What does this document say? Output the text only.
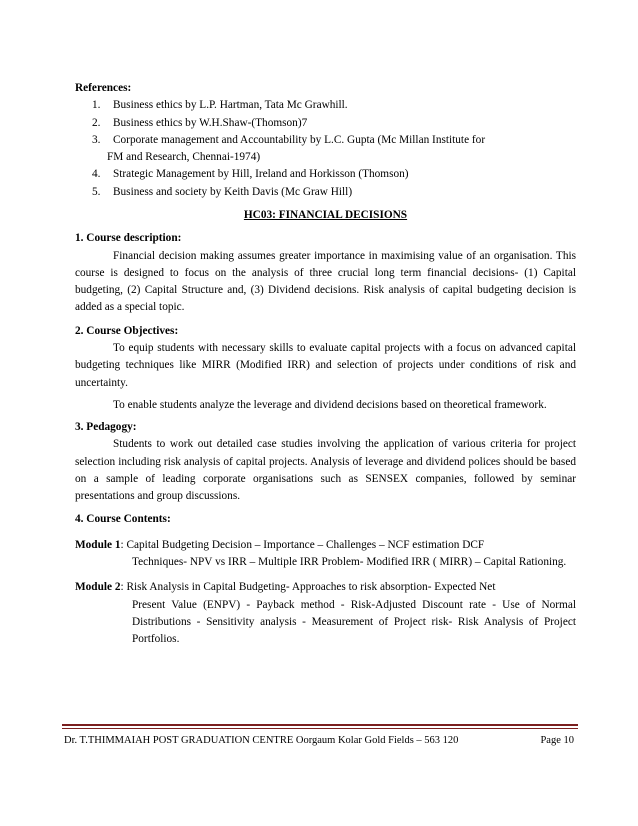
References:
1. Business ethics by L.P. Hartman, Tata Mc Grawhill.
2. Business ethics by W.H.Shaw-(Thomson)7
3. Corporate management and Accountability by L.C. Gupta (Mc Millan Institute for
FM and Research, Chennai-1974)
4. Strategic Management by Hill, Ireland and Horkisson (Thomson)
5. Business and society by Keith Davis (Mc Graw Hill)
HC03: FINANCIAL DECISIONS
1. Course description:
Financial decision making assumes greater importance in maximising value of an organisation. This course is designed to focus on the analysis of three crucial long term financial decisions- (1) Capital budgeting, (2) Capital Structure and, (3) Dividend decisions. Risk analysis of capital budgeting decision is added as a special topic.
2. Course Objectives:
To equip students with necessary skills to evaluate capital projects with a focus on advanced capital budgeting techniques like MIRR (Modified IRR) and selection of projects under conditions of risk and uncertainty.
To enable students analyze the leverage and dividend decisions based on theoretical framework.
3. Pedagogy:
Students to work out detailed case studies involving the application of various criteria for project selection including risk analysis of capital projects. Analysis of leverage and dividend polices should be based on a sample of leading corporate organisations such as SENSEX companies, followed by seminar presentations and group discussions.
4. Course Contents:
Module 1: Capital Budgeting Decision – Importance – Challenges – NCF estimation DCF
Techniques- NPV vs IRR – Multiple IRR Problem- Modified IRR ( MIRR) – Capital Rationing.
Module 2: Risk Analysis in Capital Budgeting- Approaches to risk absorption- Expected Net
Present Value (ENPV) - Payback method - Risk-Adjusted Discount rate - Use of Normal Distributions - Sensitivity analysis - Measurement of Project risk- Risk Analysis of Project Portfolios.
Dr. T.THIMMAIAH POST GRADUATION CENTRE Oorgaum Kolar Gold Fields – 563 120	Page 10
